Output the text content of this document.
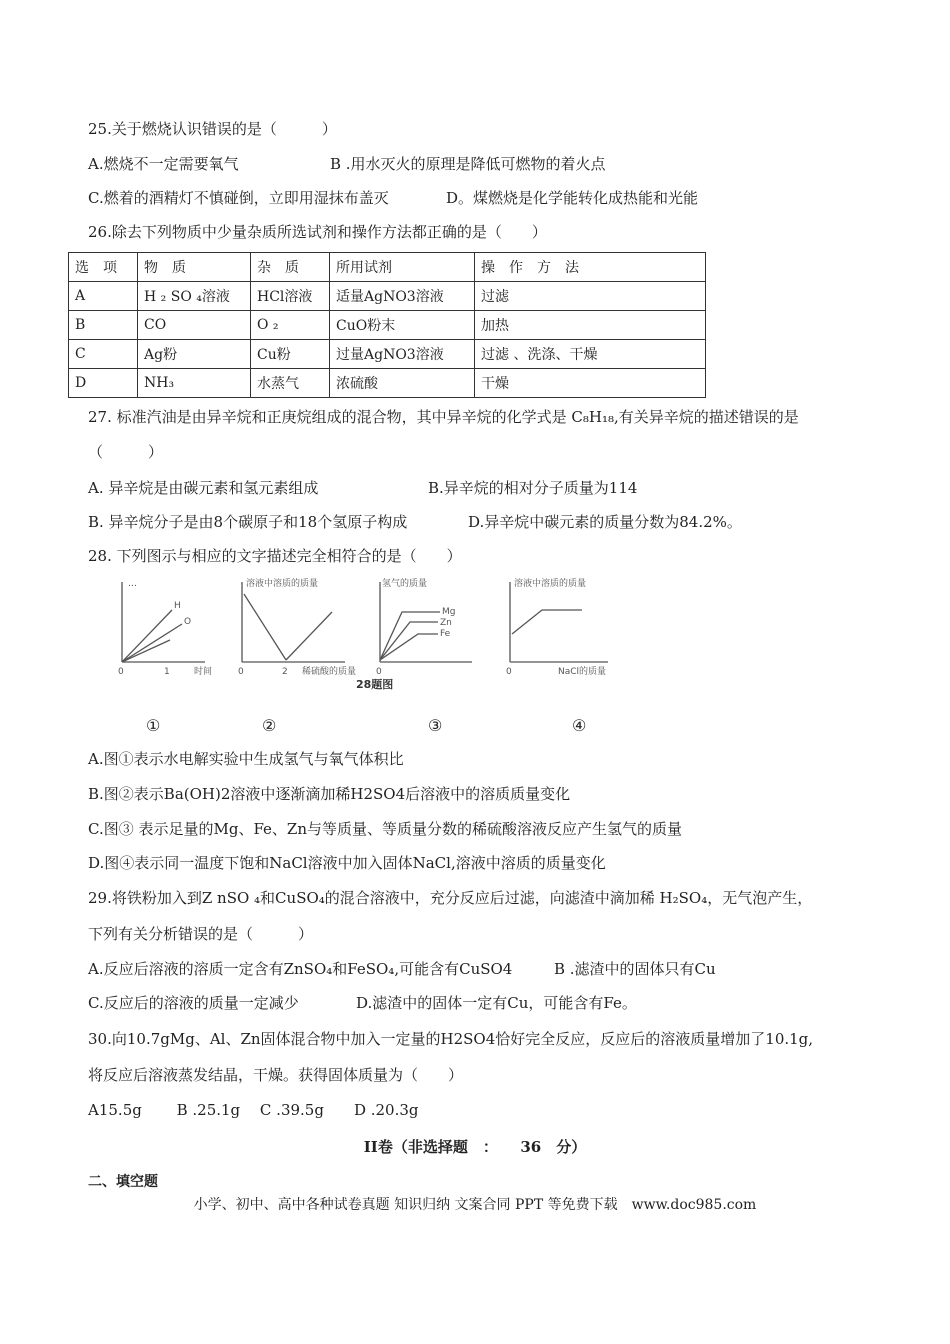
25.关于燃烧认识错误的是（　　　）
A.燃烧不一定需要氧气	B .用水灭火的原理是降低可燃物的着火点
C.燃着的酒精灯不慎碰倒，立即用湿抹布盖灭	D。煤燃烧是化学能转化成热能和光能
26.除去下列物质中少量杂质所选试剂和操作方法都正确的是（　　）
选　项	物　质	杂　质	所用试剂	操　作　方　法
A	H ₂ SO ₄溶液	HCl溶液	适量AgNO3溶液	过滤
B	CO	O ₂	CuO粉末	加热
C	Ag粉	Cu粉	过量AgNO3溶液	过滤 、洗涤、干燥
D	NH₃	水蒸气	浓硫酸	干燥
27. 标准汽油是由异辛烷和正庚烷组成的混合物，其中异辛烷的化学式是 C₈H₁₈,有关异辛烷的描述错误的是
（　　　）
A. 异辛烷是由碳元素和氢元素组成	B.异辛烷的相对分子质量为114
B. 异辛烷分子是由8个碳原子和18个氢原子构成	D.异辛烷中碳元素的质量分数为84.2%。
28. 下列图示与相应的文字描述完全相符合的是（　　）
…
H
O
0	1	时间
溶液中溶质的质量
0	2 稀硫酸的质量
氢气的质量
Mg
Zn
Fe
0
溶液中溶质的质量
0	NaCl的质量
28题图
①	②	③	④
A.图①表示水电解实验中生成氢气与氧气体积比
B.图②表示Ba(OH)2溶液中逐渐滴加稀H2SO4后溶液中的溶质质量变化
C.图③ 表示足量的Mg、Fe、Zn与等质量、等质量分数的稀硫酸溶液反应产生氢气的质量
D.图④表示同一温度下饱和NaCl溶液中加入固体NaCl,溶液中溶质的质量变化
29.将铁粉加入到Z nSO ₄和CuSO₄的混合溶液中，充分反应后过滤，向滤渣中滴加稀 H₂SO₄，无气泡产生，
下列有关分析错误的是（　　　）
A.反应后溶液的溶质一定含有ZnSO₄和FeSO₄,可能含有CuSO4	B .滤渣中的固体只有Cu
C.反应后的溶液的质量一定减少	D.滤渣中的固体一定有Cu，可能含有Fe。
30.向10.7gMg、Al、Zn固体混合物中加入一定量的H2SO4恰好完全反应，反应后的溶液质量增加了10.1g,
将反应后溶液蒸发结晶，干燥。获得固体质量为（　　）
A15.5g　　 B .25.1g　 C .39.5g　　D .20.3g
II卷（非选择题　：　　36　分）
二、填空题
小学、初中、高中各种试卷真题 知识归纳 文案合同 PPT 等免费下载　www.doc985.com
